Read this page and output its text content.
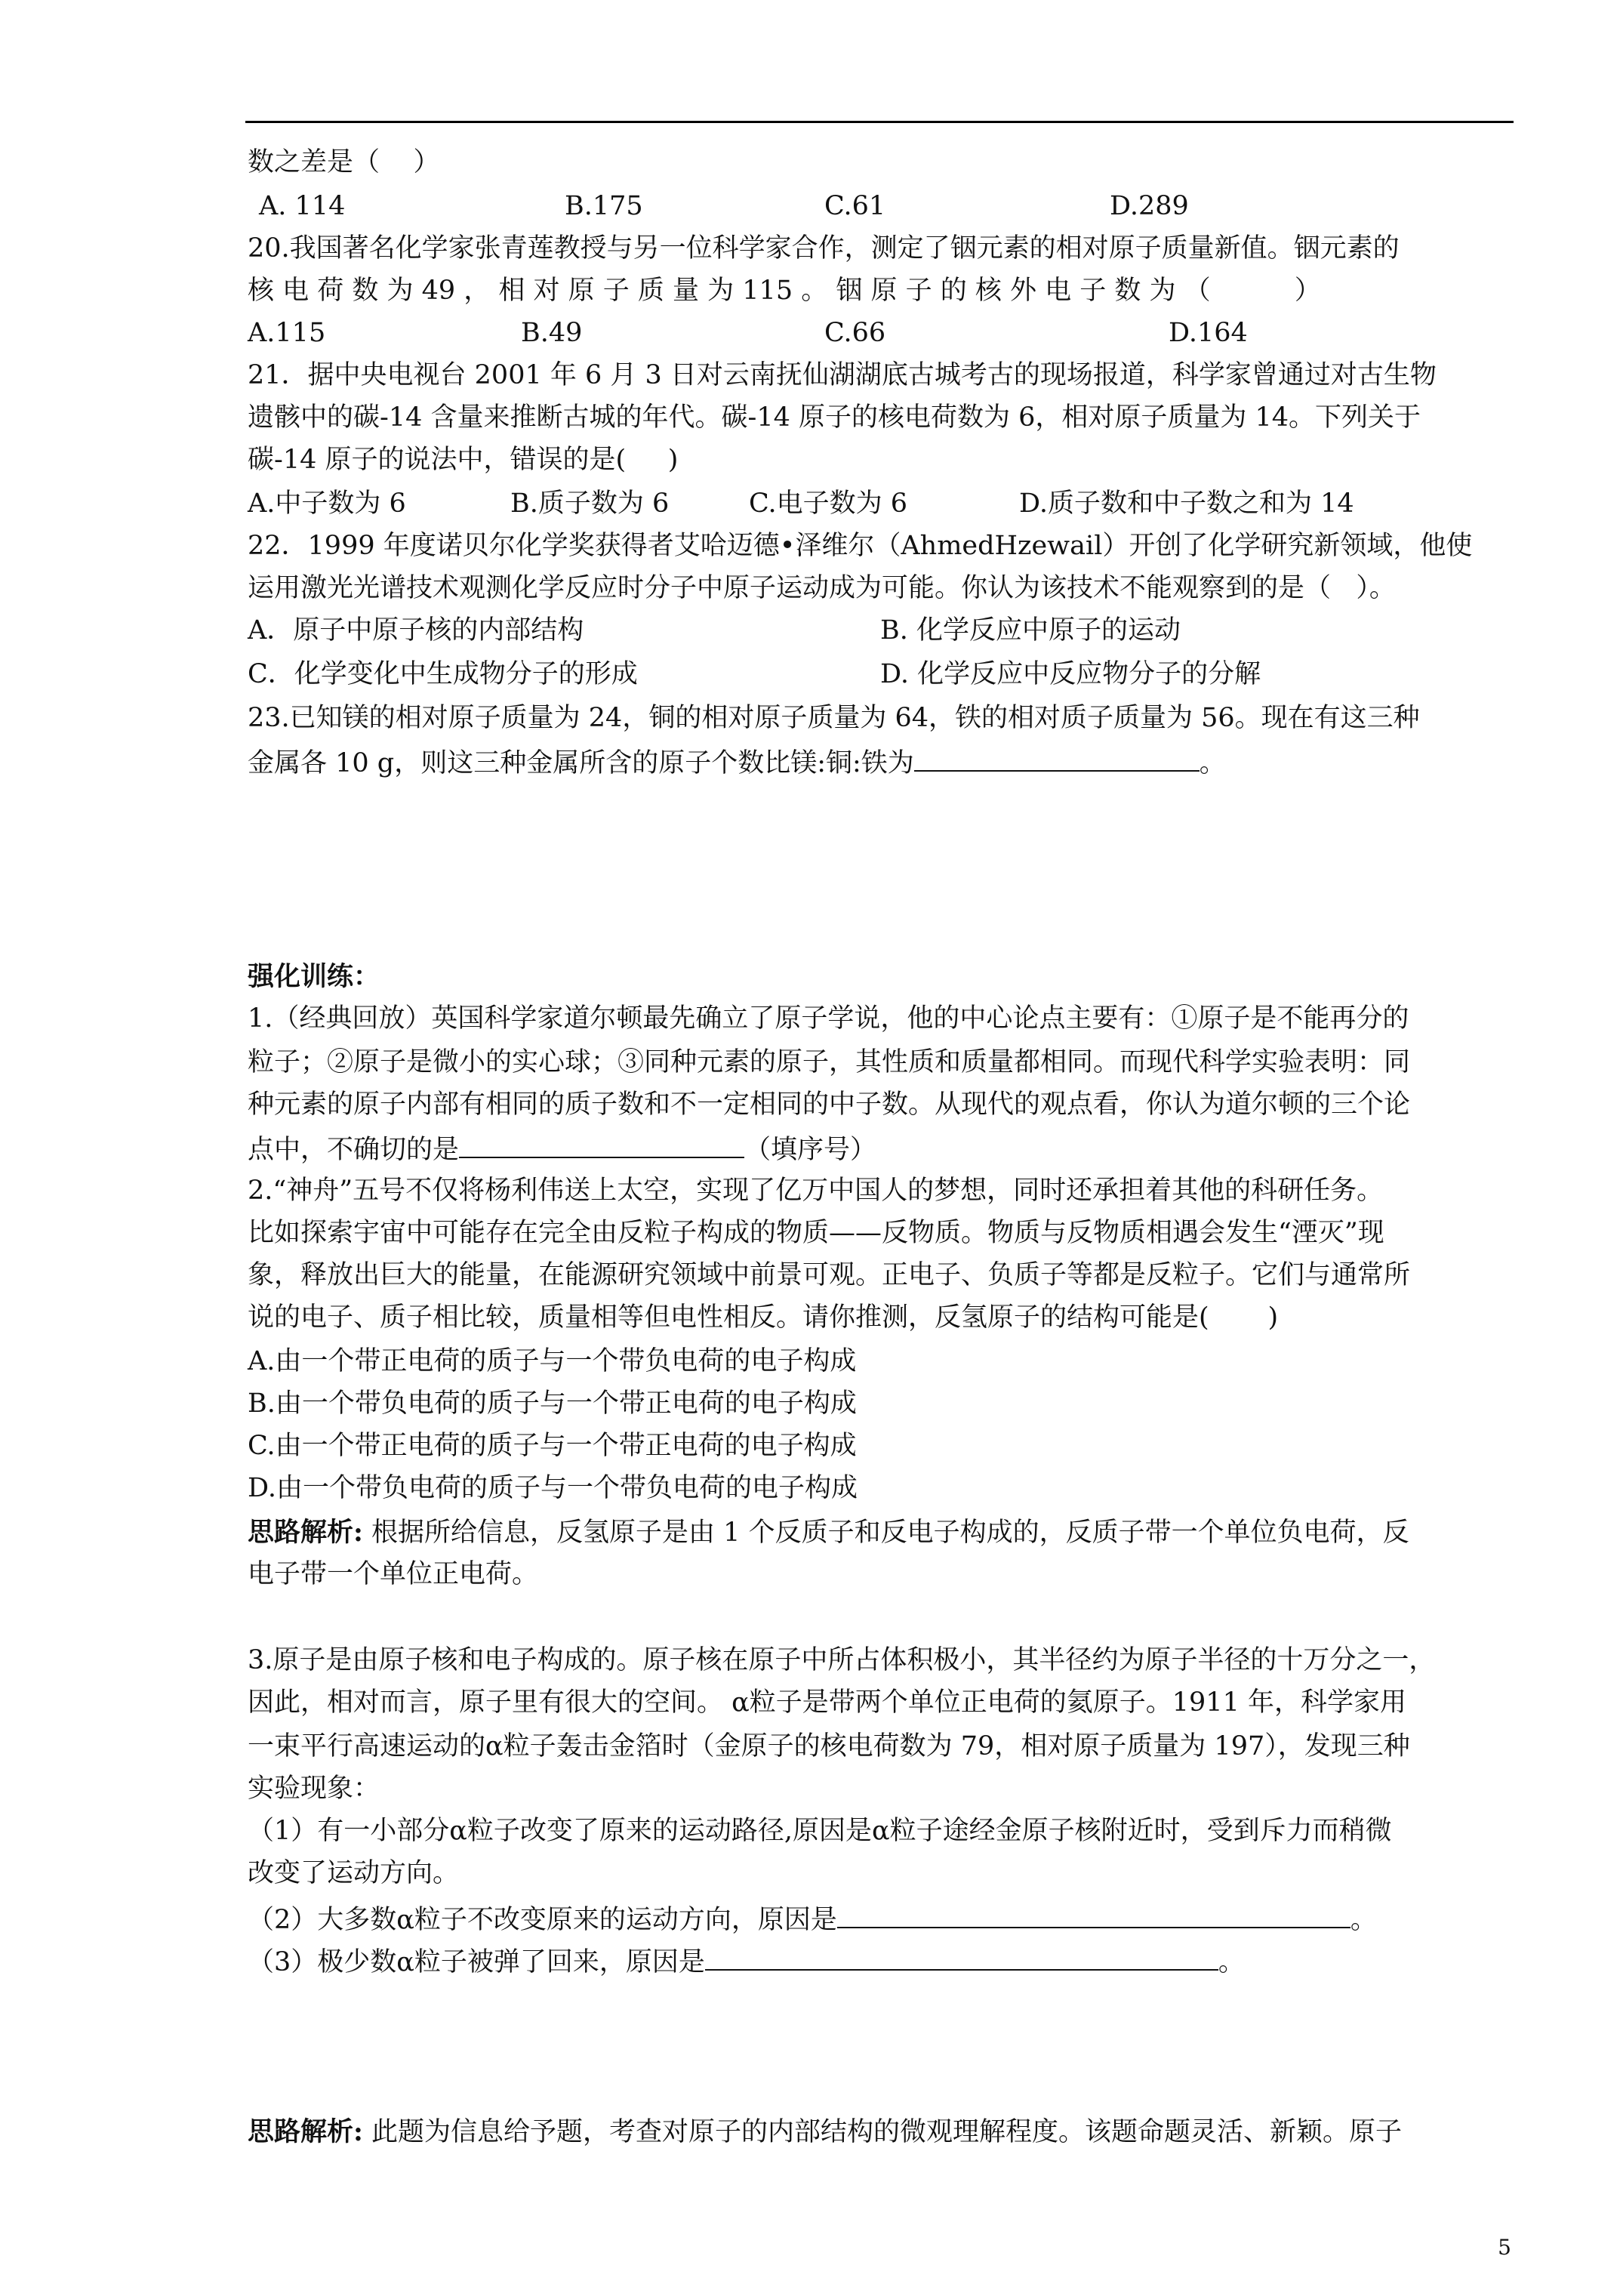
数之差是（    ）
A. 114	B.175	C.61	D.289
20.我国著名化学家张青莲教授与另一位科学家合作，测定了铟元素的相对原子质量新值。铟元素的
核 电 荷 数 为 49 ， 相 对 原 子 质 量 为 115 。 铟 原 子 的 核 外 电 子 数 为 （          ）
A.115	B.49	C.66	D.164
21．据中央电视台 2001 年 6 月 3 日对云南抚仙湖湖底古城考古的现场报道，科学家曾通过对古生物
遗骸中的碳-14 含量来推断古城的年代。碳-14 原子的核电荷数为 6，相对原子质量为 14。下列关于
碳-14 原子的说法中，错误的是(     )
A.中子数为 6	B.质子数为 6	C.电子数为 6	D.质子数和中子数之和为 14
22．1999 年度诺贝尔化学奖获得者艾哈迈德•泽维尔（AhmedHzewail）开创了化学研究新领域，他使
运用激光光谱技术观测化学反应时分子中原子运动成为可能。你认为该技术不能观察到的是（   ）。
A．原子中原子核的内部结构	B. 化学反应中原子的运动
C．化学变化中生成物分子的形成	D. 化学反应中反应物分子的分解
23.已知镁的相对原子质量为 24，铜的相对原子质量为 64，铁的相对质子质量为 56。现在有这三种
金属各 10 g，则这三种金属所含的原子个数比镁:铜:铁为	。
强化训练：
1.（经典回放）英国科学家道尔顿最先确立了原子学说，他的中心论点主要有：①原子是不能再分的
粒子；②原子是微小的实心球；③同种元素的原子，其性质和质量都相同。而现代科学实验表明：同
种元素的原子内部有相同的质子数和不一定相同的中子数。从现代的观点看，你认为道尔顿的三个论
点中，不确切的是	（填序号）
2.“神舟”五号不仅将杨利伟送上太空，实现了亿万中国人的梦想，同时还承担着其他的科研任务。
比如探索宇宙中可能存在完全由反粒子构成的物质——反物质。物质与反物质相遇会发生“湮灭”现
象，释放出巨大的能量，在能源研究领域中前景可观。正电子、负质子等都是反粒子。它们与通常所
说的电子、质子相比较，质量相等但电性相反。请你推测，反氢原子的结构可能是(       )
A.由一个带正电荷的质子与一个带负电荷的电子构成
B.由一个带负电荷的质子与一个带正电荷的电子构成
C.由一个带正电荷的质子与一个带正电荷的电子构成
D.由一个带负电荷的质子与一个带负电荷的电子构成
思路解析: 根据所给信息，反氢原子是由 1 个反质子和反电子构成的，反质子带一个单位负电荷，反
电子带一个单位正电荷。
3.原子是由原子核和电子构成的。原子核在原子中所占体积极小，其半径约为原子半径的十万分之一，
因此，相对而言，原子里有很大的空间。 α粒子是带两个单位正电荷的氦原子。1911 年，科学家用
一束平行高速运动的α粒子轰击金箔时（金原子的核电荷数为 79，相对原子质量为 197），发现三种
实验现象：
（1）有一小部分α粒子改变了原来的运动路径,原因是α粒子途经金原子核附近时，受到斥力而稍微
改变了运动方向。
（2）大多数α粒子不改变原来的运动方向，原因是	。
（3）极少数α粒子被弹了回来，原因是	。
思路解析: 此题为信息给予题，考查对原子的内部结构的微观理解程度。该题命题灵活、新颖。原子
5
